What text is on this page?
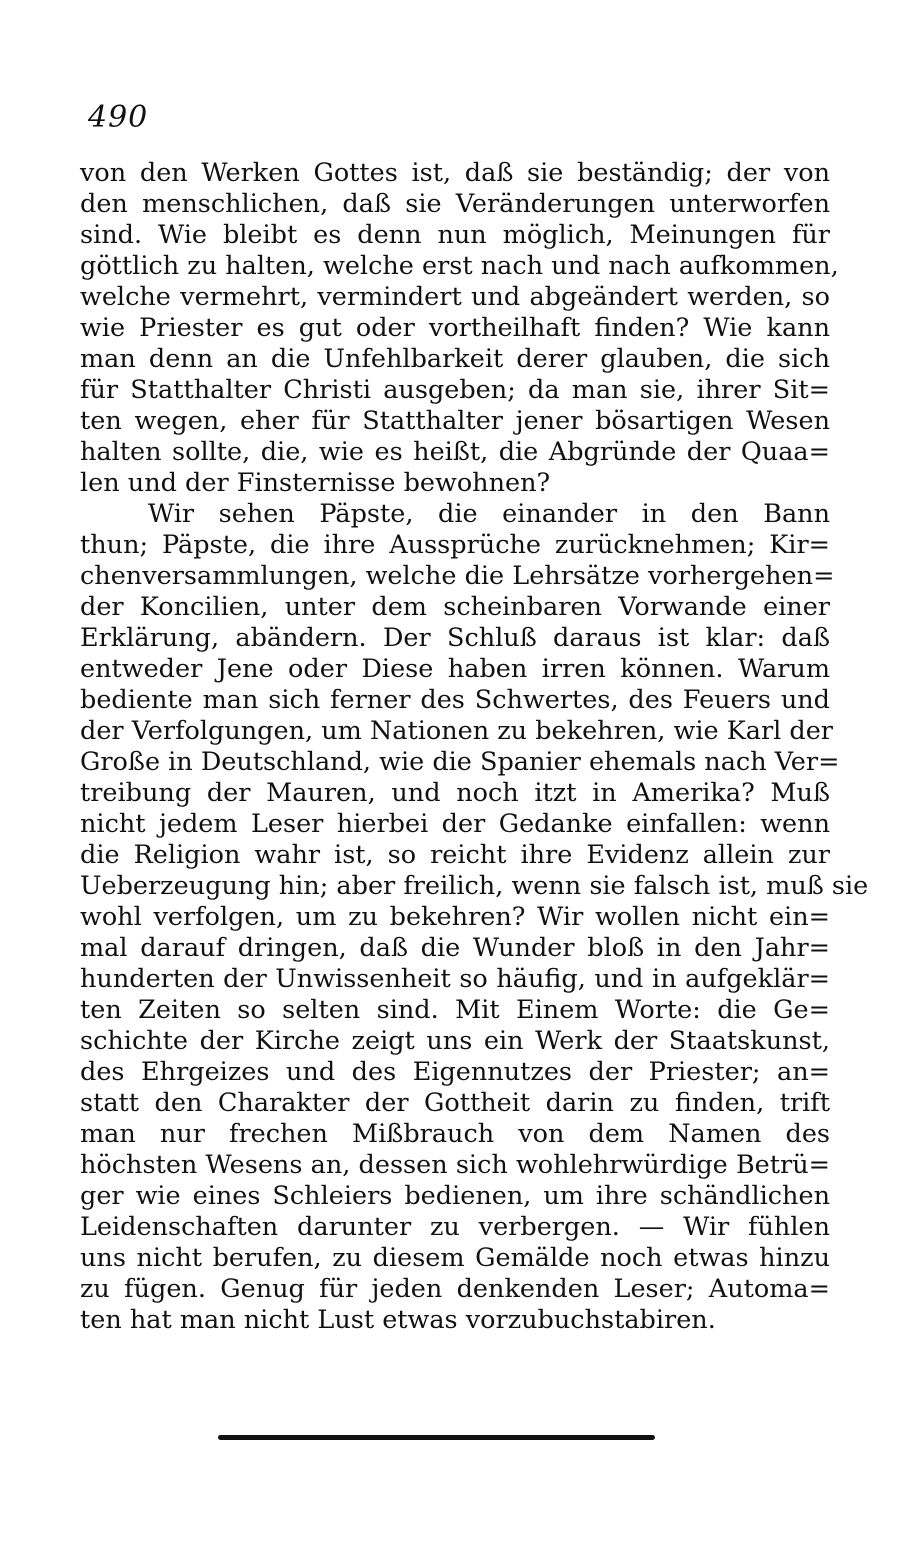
490
von den Werken Gottes ist, daß sie beständig; der von
den menschlichen, daß sie Veränderungen unterworfen
sind. Wie bleibt es denn nun möglich, Meinungen für
göttlich zu halten, welche erst nach und nach aufkommen,
welche vermehrt, vermindert und abgeändert werden, so
wie Priester es gut oder vortheilhaft finden? Wie kann
man denn an die Unfehlbarkeit derer glauben, die sich
für Statthalter Christi ausgeben; da man sie, ihrer Sit=
ten wegen, eher für Statthalter jener bösartigen Wesen
halten sollte, die, wie es heißt, die Abgründe der Quaa=
len und der Finsternisse bewohnen?
Wir sehen Päpste, die einander in den Bann
thun; Päpste, die ihre Aussprüche zurücknehmen; Kir=
chenversammlungen, welche die Lehrsätze vorhergehen=
der Koncilien, unter dem scheinbaren Vorwande einer
Erklärung, abändern. Der Schluß daraus ist klar: daß
entweder Jene oder Diese haben irren können. Warum
bediente man sich ferner des Schwertes, des Feuers und
der Verfolgungen, um Nationen zu bekehren, wie Karl der
Große in Deutschland, wie die Spanier ehemals nach Ver=
treibung der Mauren, und noch itzt in Amerika? Muß
nicht jedem Leser hierbei der Gedanke einfallen: wenn
die Religion wahr ist, so reicht ihre Evidenz allein zur
Ueberzeugung hin; aber freilich, wenn sie falsch ist, muß sie
wohl verfolgen, um zu bekehren? Wir wollen nicht ein=
mal darauf dringen, daß die Wunder bloß in den Jahr=
hunderten der Unwissenheit so häufig, und in aufgeklär=
ten Zeiten so selten sind. Mit Einem Worte: die Ge=
schichte der Kirche zeigt uns ein Werk der Staatskunst,
des Ehrgeizes und des Eigennutzes der Priester; an=
statt den Charakter der Gottheit darin zu finden, trift
man nur frechen Mißbrauch von dem Namen des
höchsten Wesens an, dessen sich wohlehrwürdige Betrü=
ger wie eines Schleiers bedienen, um ihre schändlichen
Leidenschaften darunter zu verbergen. — Wir fühlen
uns nicht berufen, zu diesem Gemälde noch etwas hinzu
zu fügen. Genug für jeden denkenden Leser; Automa=
ten hat man nicht Lust etwas vorzubuchstabiren.
